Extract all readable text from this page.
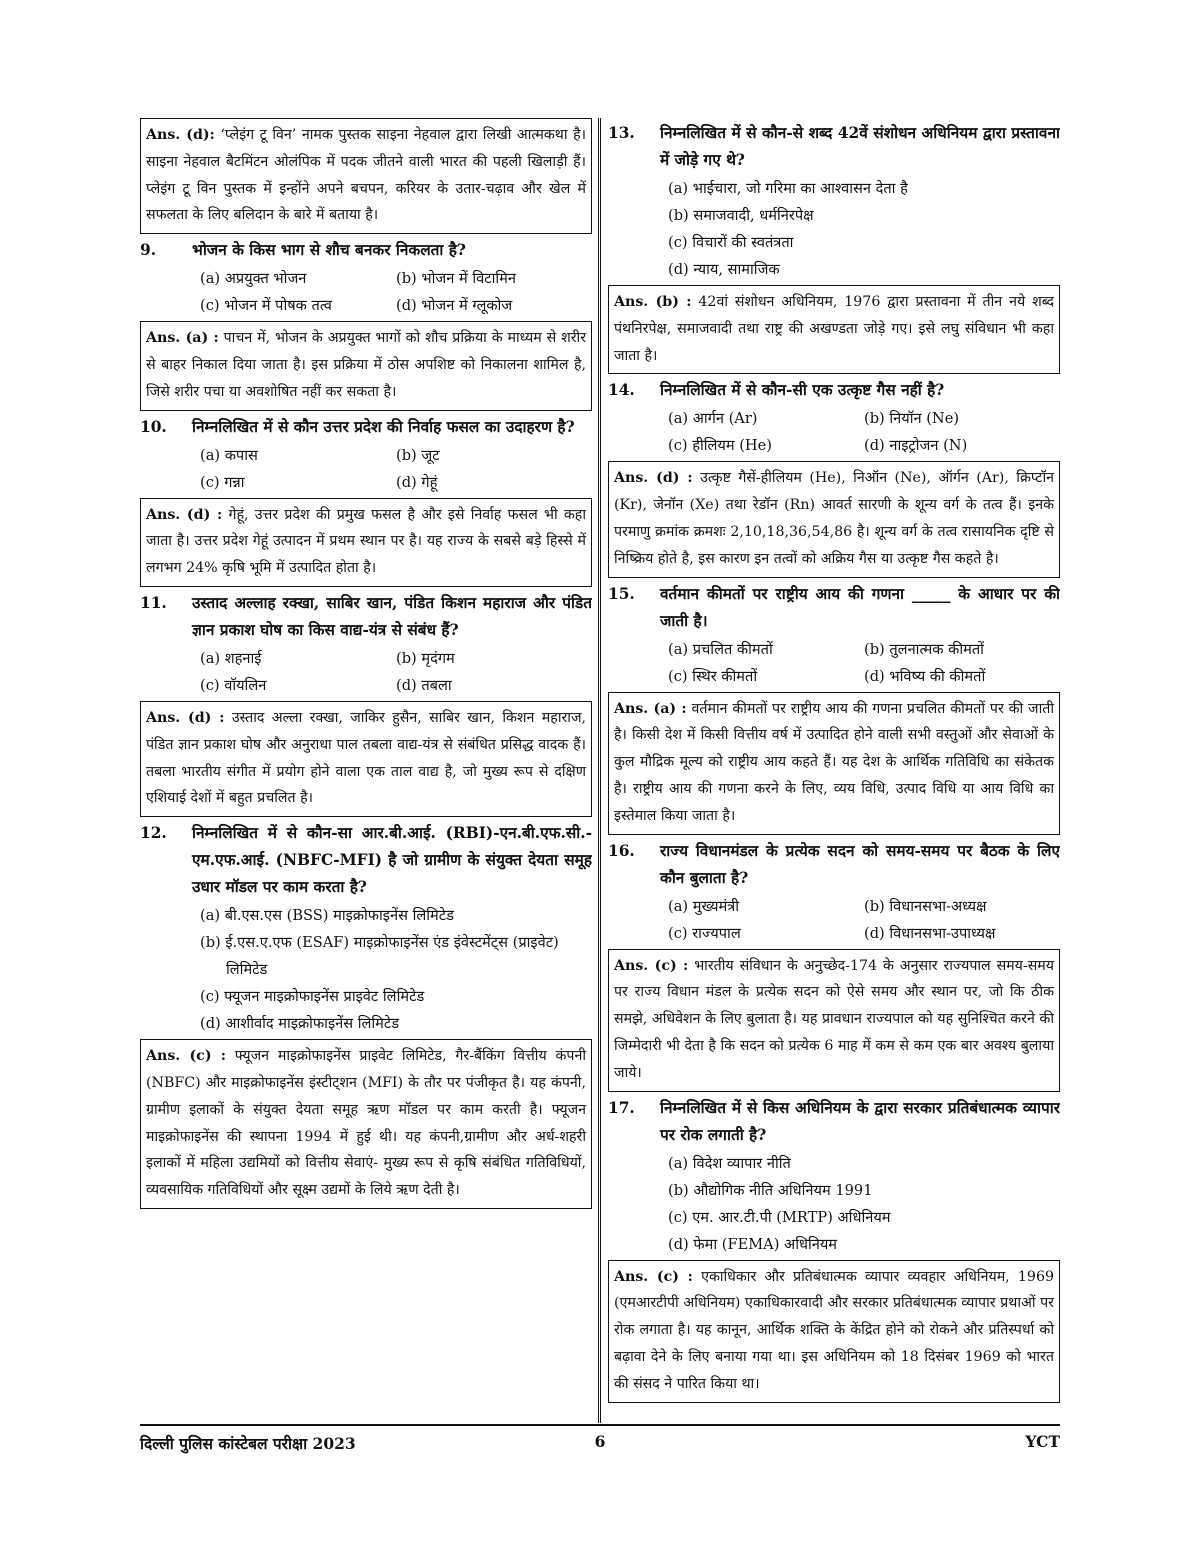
Ans. (d): ‘प्लेइंग टू विन’ नामक पुस्तक साइना नेहवाल द्वारा लिखी आत्मकथा है। साइना नेहवाल बैटमिंटन ओलंपिक में पदक जीतने वाली भारत की पहली खिलाड़ी हैं। प्लेइंग टू विन पुस्तक में इन्होंने अपने बचपन, करियर के उतार-चढ़ाव और खेल में सफलता के लिए बलिदान के बारे में बताया है।
9.	भोजन के किस भाग से शौच बनकर निकलता है?
(a) अप्रयुक्त भोजन	(b) भोजन में विटामिन
(c) भोजन में पोषक तत्व	(d) भोजन में ग्लूकोज
Ans. (a) : पाचन में, भोजन के अप्रयुक्त भागों को शौच प्रक्रिया के माध्यम से शरीर से बाहर निकाल दिया जाता है। इस प्रक्रिया में ठोस अपशिष्ट को निकालना शामिल है, जिसे शरीर पचा या अवशोषित नहीं कर सकता है।
10.	निम्नलिखित में से कौन उत्तर प्रदेश की निर्वाह फसल का उदाहरण है?
(a) कपास	(b) जूट
(c) गन्ना	(d) गेहूं
Ans. (d) : गेहूं, उत्तर प्रदेश की प्रमुख फसल है और इसे निर्वाह फसल भी कहा जाता है। उत्तर प्रदेश गेहूं उत्पादन में प्रथम स्थान पर है। यह राज्य के सबसे बड़े हिस्से में लगभग 24% कृषि भूमि में उत्पादित होता है।
11.	उस्ताद अल्लाह रक्खा, साबिर खान, पंडित किशन महाराज और पंडित ज्ञान प्रकाश घोष का किस वाद्य-यंत्र से संबंध हैं?
(a) शहनाई	(b) मृदंगम
(c) वॉयलिन	(d) तबला
Ans. (d) : उस्ताद अल्ला रक्खा, जाकिर हुसैन, साबिर खान, किशन महाराज, पंडित ज्ञान प्रकाश घोष और अनुराधा पाल तबला वाद्य-यंत्र से संबंधित प्रसिद्ध वादक हैं। तबला भारतीय संगीत में प्रयोग होने वाला एक ताल वाद्य है, जो मुख्य रूप से दक्षिण एशियाई देशों में बहुत प्रचलित है।
12.	निम्नलिखित में से कौन-सा आर.बी.आई. (RBI)-एन.बी.एफ.सी.- एम.एफ.आई. (NBFC-MFI) है जो ग्रामीण के संयुक्त देयता समूह उधार मॉडल पर काम करता है?
(a) बी.एस.एस (BSS) माइक्रोफाइनेंस लिमिटेड
(b) ई.एस.ए.एफ (ESAF) माइक्रोफाइनेंस एंड इंवेस्टमेंट्स (प्राइवेट) लिमिटेड
(c) फ्यूजन माइक्रोफाइनेंस प्राइवेट लिमिटेड
(d) आशीर्वाद माइक्रोफाइनेंस लिमिटेड
Ans. (c) : फ्यूजन माइक्रोफाइनेंस प्राइवेट लिमिटेड, गैर-बैंकिंग वित्तीय कंपनी (NBFC) और माइक्रोफाइनेंस इंस्टीट्शन (MFI) के तौर पर पंजीकृत है। यह कंपनी, ग्रामीण इलाकों के संयुक्त देयता समूह ऋण मॉडल पर काम करती है। फ्यूजन माइक्रोफाइनेंस की स्थापना 1994 में हुई थी। यह कंपनी,ग्रामीण और अर्ध-शहरी इलाकों में महिला उद्यमियों को वित्तीय सेवाएं- मुख्य रूप से कृषि संबंधित गतिविधियों, व्यवसायिक गतिविधियों और सूक्ष्म उद्यमों के लिये ऋण देती है।
13.	निम्नलिखित में से कौन-से शब्द 42वें संशोधन अधिनियम द्वारा प्रस्तावना में जोड़े गए थे?
(a) भाईचारा, जो गरिमा का आश्वासन देता है
(b) समाजवादी, धर्मनिरपेक्ष
(c) विचारों की स्वतंत्रता
(d) न्याय, सामाजिक
Ans. (b) : 42वां संशोधन अधिनियम, 1976 द्वारा प्रस्तावना में तीन नये शब्द पंथनिरपेक्ष, समाजवादी तथा राष्ट्र की अखण्डता जोड़े गए। इसे लघु संविधान भी कहा जाता है।
14.	निम्नलिखित में से कौन-सी एक उत्कृष्ट गैस नहीं है?
(a) आर्गन (Ar)	(b) नियॉन (Ne)
(c) हीलियम (He)	(d) नाइट्रोजन (N)
Ans. (d) : उत्कृष्ट गैसें-हीलियम (He), निऑन (Ne), ऑर्गन (Ar), क्रिप्टॉन (Kr), जेनॉन (Xe) तथा रेडॉन (Rn) आवर्त सारणी के शून्य वर्ग के तत्व हैं। इनके परमाणु क्रमांक क्रमशः 2,10,18,36,54,86 है। शून्य वर्ग के तत्व रासायनिक दृष्टि से निष्क्रिय होते है, इस कारण इन तत्वों को अक्रिय गैस या उत्कृष्ट गैस कहते है।
15.	वर्तमान कीमतों पर राष्ट्रीय आय की गणना _____ के आधार पर की जाती है।
(a) प्रचलित कीमतों	(b) तुलनात्मक कीमतों
(c) स्थिर कीमतों	(d) भविष्य की कीमतों
Ans. (a) : वर्तमान कीमतों पर राष्ट्रीय आय की गणना प्रचलित कीमतों पर की जाती है। किसी देश में किसी वित्तीय वर्ष में उत्पादित होने वाली सभी वस्तुओं और सेवाओं के कुल मौद्रिक मूल्य को राष्ट्रीय आय कहते हैं। यह देश के आर्थिक गतिविधि का संकेतक है। राष्ट्रीय आय की गणना करने के लिए, व्यय विधि, उत्पाद विधि या आय विधि का इस्तेमाल किया जाता है।
16.	राज्य विधानमंडल के प्रत्येक सदन को समय-समय पर बैठक के लिए कौन बुलाता है?
(a) मुख्यमंत्री	(b) विधानसभा-अध्यक्ष
(c) राज्यपाल	(d) विधानसभा-उपाध्यक्ष
Ans. (c) : भारतीय संविधान के अनुच्छेद-174 के अनुसार राज्यपाल समय-समय पर राज्य विधान मंडल के प्रत्येक सदन को ऐसे समय और स्थान पर, जो कि ठीक समझे, अधिवेशन के लिए बुलाता है। यह प्रावधान राज्यपाल को यह सुनिश्चित करने की जिम्मेदारी भी देता है कि सदन को प्रत्येक 6 माह में कम से कम एक बार अवश्य बुलाया जाये।
17.	निम्नलिखित में से किस अधिनियम के द्वारा सरकार प्रतिबंधात्मक व्यापार पर रोक लगाती है?
(a) विदेश व्यापार नीति
(b) औद्योगिक नीति अधिनियम 1991
(c) एम. आर.टी.पी (MRTP) अधिनियम
(d) फेमा (FEMA) अधिनियम
Ans. (c) : एकाधिकार और प्रतिबंधात्मक व्यापार व्यवहार अधिनियम, 1969 (एमआरटीपी अधिनियम) एकाधिकारवादी और सरकार प्रतिबंधात्मक व्यापार प्रथाओं पर रोक लगाता है। यह कानून, आर्थिक शक्ति के केंद्रित होने को रोकने और प्रतिस्पर्धा को बढ़ावा देने के लिए बनाया गया था। इस अधिनियम को 18 दिसंबर 1969 को भारत की संसद ने पारित किया था।
दिल्ली पुलिस कांस्टेबल परीक्षा 2023	6	YCT
